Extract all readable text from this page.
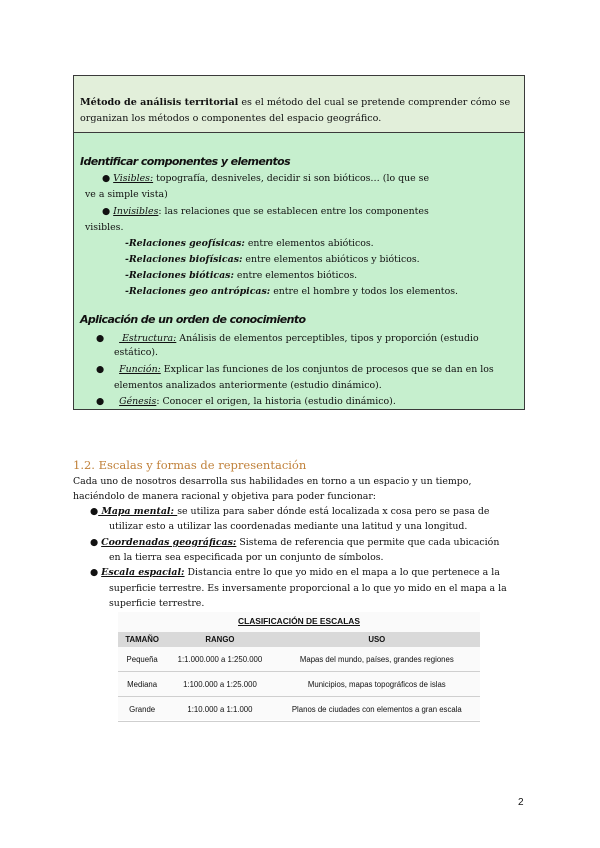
Método de análisis territorial es el método del cual se pretende comprender cómo se
organizan los métodos o componentes del espacio geográfico.
Identificar componentes y elementos
● Visibles: topografía, desniveles, decidir si son bióticos… (lo que se
ve a simple vista)
● Invisibles: las relaciones que se establecen entre los componentes
visibles.
-Relaciones geofísicas: entre elementos abióticos.
-Relaciones biofísicas: entre elementos abióticos y bióticos.
-Relaciones bióticas: entre elementos bióticos.
-Relaciones geo antrópicas: entre el hombre y todos los elementos.
Aplicación de un orden de conocimiento
●      Estructura: Análisis de elementos perceptibles, tipos y proporción (estudio
estático).
●     Función: Explicar las funciones de los conjuntos de procesos que se dan en los
elementos analizados anteriormente (estudio dinámico).
●     Génesis: Conocer el origen, la historia (estudio dinámico).
1.2. Escalas y formas de representación
Cada uno de nosotros desarrolla sus habilidades en torno a un espacio y un tiempo,
haciéndolo de manera racional y objetiva para poder funcionar:
● Mapa mental: se utiliza para saber dónde está localizada x cosa pero se pasa de
utilizar esto a utilizar las coordenadas mediante una latitud y una longitud.
● Coordenadas geográficas: Sistema de referencia que permite que cada ubicación
en la tierra sea especificada por un conjunto de símbolos.
● Escala espacial: Distancia entre lo que yo mido en el mapa a lo que pertenece a la
superficie terrestre. Es inversamente proporcional a lo que yo mido en el mapa a la
superficie terrestre.
CLASIFICACIÓN DE ESCALAS
TAMAÑO	RANGO	USO
Pequeña	1:1.000.000 a 1:250.000	Mapas del mundo, países, grandes regiones
Mediana	1:100.000 a 1:25.000	Municipios, mapas topográficos de islas
Grande	1:10.000 a 1:1.000	Planos de ciudades con elementos a gran escala
2
